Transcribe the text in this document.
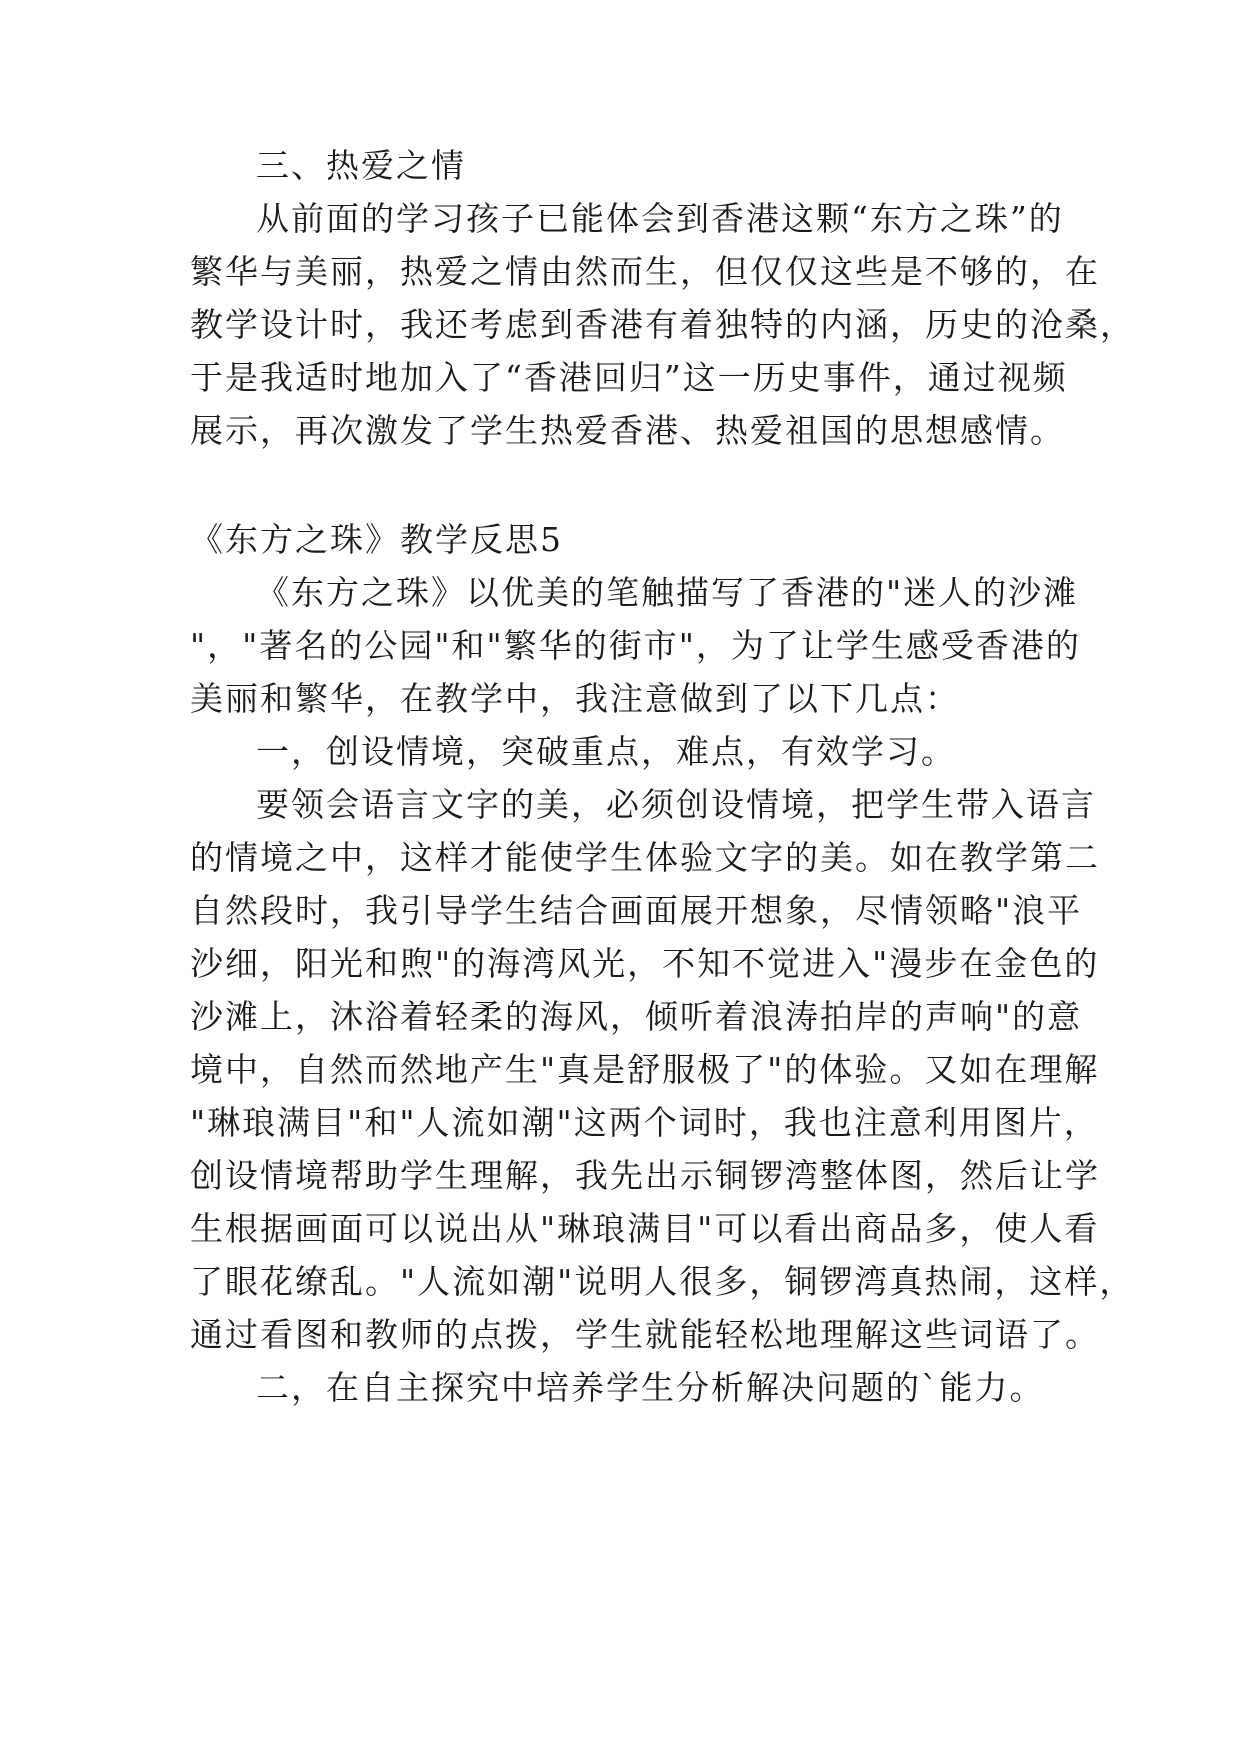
三、热爱之情
从前面的学习孩子已能体会到香港这颗“东方之珠”的
繁华与美丽，热爱之情由然而生，但仅仅这些是不够的，在
教学设计时，我还考虑到香港有着独特的内涵，历史的沧桑，
于是我适时地加入了“香港回归”这一历史事件，通过视频
展示，再次激发了学生热爱香港、热爱祖国的思想感情。
《东方之珠》教学反思5
《东方之珠》以优美的笔触描写了香港的"迷人的沙滩
"，"著名的公园"和"繁华的街市"，为了让学生感受香港的
美丽和繁华，在教学中，我注意做到了以下几点：
一，创设情境，突破重点，难点，有效学习。
要领会语言文字的美，必须创设情境，把学生带入语言
的情境之中，这样才能使学生体验文字的美。如在教学第二
自然段时，我引导学生结合画面展开想象，尽情领略"浪平
沙细，阳光和煦"的海湾风光，不知不觉进入"漫步在金色的
沙滩上，沐浴着轻柔的海风，倾听着浪涛拍岸的声响"的意
境中，自然而然地产生"真是舒服极了"的体验。又如在理解
"琳琅满目"和"人流如潮"这两个词时，我也注意利用图片，
创设情境帮助学生理解，我先出示铜锣湾整体图，然后让学
生根据画面可以说出从"琳琅满目"可以看出商品多，使人看
了眼花缭乱。"人流如潮"说明人很多，铜锣湾真热闹，这样，
通过看图和教师的点拨，学生就能轻松地理解这些词语了。
二，在自主探究中培养学生分析解决问题的`能力。
